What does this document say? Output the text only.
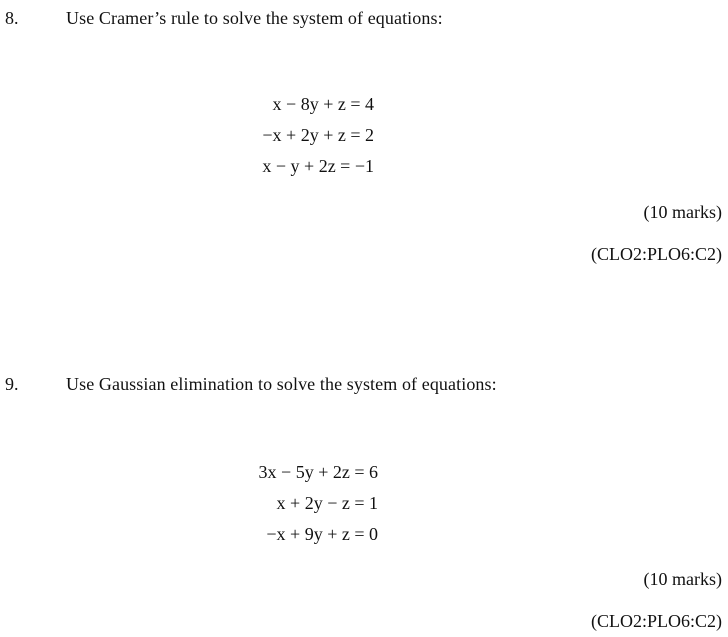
8.	Use Cramer’s rule to solve the system of equations:
x − 8y + z = 4
−x + 2y + z = 2
x − y + 2z = −1
(10 marks)
(CLO2:PLO6:C2)
9.	Use Gaussian elimination to solve the system of equations:
3x − 5y + 2z = 6
x + 2y − z = 1
−x + 9y + z = 0
(10 marks)
(CLO2:PLO6:C2)
